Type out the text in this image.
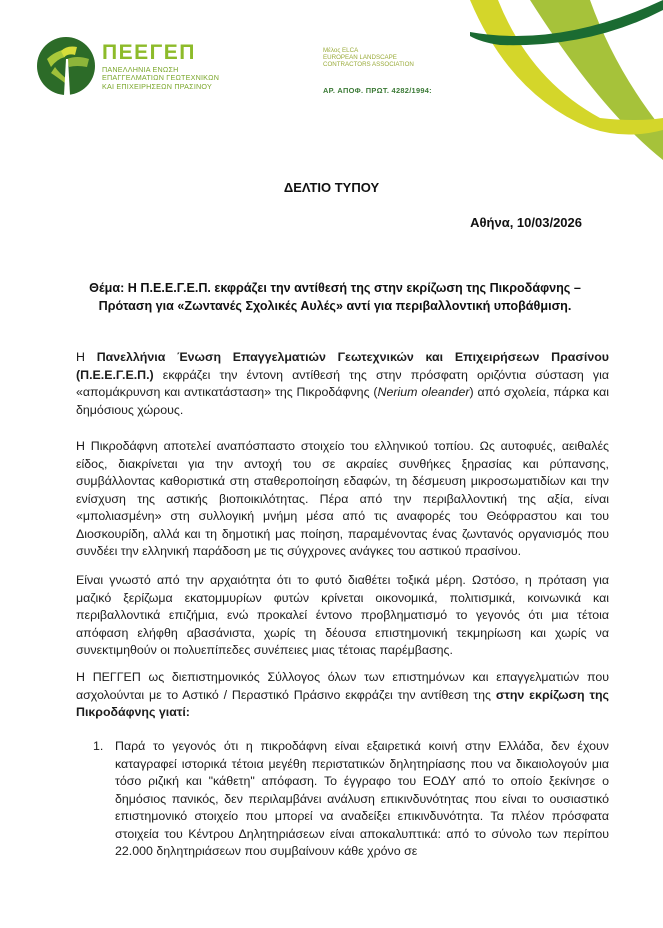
ΠΕΕΓΕΠ
ΠΑΝΕΛΛΗΝΙΑ ΕΝΩΣΗ
ΕΠΑΓΓΕΛΜΑΤΙΩΝ ΓΕΩΤΕΧΝΙΚΩΝ
ΚΑΙ ΕΠΙΧΕΙΡΗΣΕΩΝ ΠΡΑΣΙΝΟΥ
Μέλος ELCA
EUROPEAN LANDSCAPE
CONTRACTORS ASSOCIATION
ΑΡ. ΑΠΟΦ. ΠΡΩΤ. 4282/1994:
ΔΕΛΤΙΟ ΤΥΠΟΥ
Αθήνα, 10/03/2026
Θέμα: Η Π.Ε.Ε.Γ.Ε.Π. εκφράζει την αντίθεσή της στην εκρίζωση της Πικροδάφνης –
Πρόταση για «Ζωντανές Σχολικές Αυλές» αντί για περιβαλλοντική υποβάθμιση.
Η Πανελλήνια Ένωση Επαγγελματιών Γεωτεχνικών και Επιχειρήσεων Πρασίνου (Π.Ε.Ε.Γ.Ε.Π.) εκφράζει την έντονη αντίθεσή της στην πρόσφατη οριζόντια σύσταση για «απομάκρυνση και αντικατάσταση» της Πικροδάφνης (Nerium oleander) από σχολεία, πάρκα και δημόσιους χώρους.
Η Πικροδάφνη αποτελεί αναπόσπαστο στοιχείο του ελληνικού τοπίου. Ως αυτοφυές, αειθαλές είδος, διακρίνεται για την αντοχή του σε ακραίες συνθήκες ξηρασίας και ρύπανσης, συμβάλλοντας καθοριστικά στη σταθεροποίηση εδαφών, τη δέσμευση μικροσωματιδίων και την ενίσχυση της αστικής βιοποικιλότητας. Πέρα από την περιβαλλοντική της αξία, είναι «μπολιασμένη» στη συλλογική μνήμη μέσα από τις αναφορές του Θεόφραστου και του Διοσκουρίδη, αλλά και τη δημοτική μας ποίηση, παραμένοντας ένας ζωντανός οργανισμός που συνδέει την ελληνική παράδοση με τις σύγχρονες ανάγκες του αστικού πρασίνου.
Είναι γνωστό από την αρχαιότητα ότι το φυτό διαθέτει τοξικά μέρη. Ωστόσο, η πρόταση για μαζικό ξερίζωμα εκατομμυρίων φυτών κρίνεται οικονομικά, πολιτισμικά, κοινωνικά και περιβαλλοντικά επιζήμια, ενώ προκαλεί έντονο προβληματισμό το γεγονός ότι μια τέτοια απόφαση ελήφθη αβασάνιστα, χωρίς τη δέουσα επιστημονική τεκμηρίωση και χωρίς να συνεκτιμηθούν οι πολυεπίπεδες συνέπειες μιας τέτοιας παρέμβασης.
Η ΠΕΓΓΕΠ ως διεπιστημονικός Σύλλογος όλων των επιστημόνων και επαγγελματιών που ασχολούνται με το Αστικό / Περαστικό Πράσινο εκφράζει την αντίθεση της στην εκρίζωση της Πικροδάφνης γιατί:
1. Παρά το γεγονός ότι η πικροδάφνη είναι εξαιρετικά κοινή στην Ελλάδα, δεν έχουν καταγραφεί ιστορικά τέτοια μεγέθη περιστατικών δηλητηρίασης που να δικαιολογούν μια τόσο ριζική και "κάθετη" απόφαση. Το έγγραφο του ΕΟΔΥ από το οποίο ξεκίνησε ο δημόσιος πανικός, δεν περιλαμβάνει ανάλυση επικινδυνότητας που είναι το ουσιαστικό επιστημονικό στοιχείο που μπορεί να αναδείξει επικινδυνότητα. Τα πλέον πρόσφατα στοιχεία του Κέντρου Δηλητηριάσεων είναι αποκαλυπτικά: από το σύνολο των περίπου 22.000 δηλητηριάσεων που συμβαίνουν κάθε χρόνο σε
